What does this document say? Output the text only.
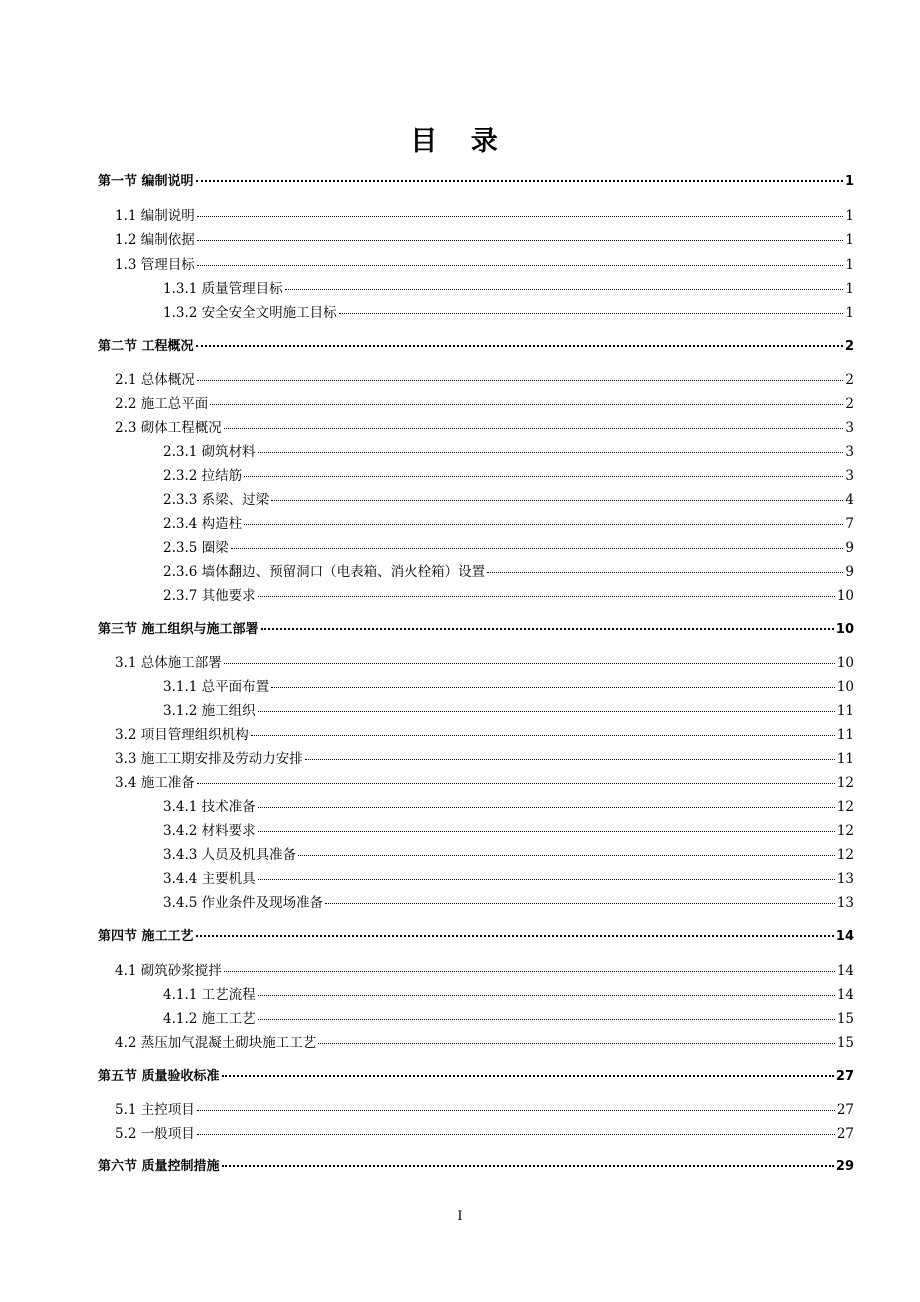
目 录
第一节 编制说明	1
1.1 编制说明	1
1.2 编制依据	1
1.3 管理目标	1
1.3.1 质量管理目标	1
1.3.2 安全安全文明施工目标	1
第二节 工程概况	2
2.1 总体概况	2
2.2 施工总平面	2
2.3 砌体工程概况	3
2.3.1 砌筑材料	3
2.3.2 拉结筋	3
2.3.3 系梁、过梁	4
2.3.4 构造柱	7
2.3.5 圈梁	9
2.3.6 墙体翻边、预留洞口（电表箱、消火栓箱）设置	9
2.3.7 其他要求	10
第三节 施工组织与施工部署	10
3.1 总体施工部署	10
3.1.1 总平面布置	10
3.1.2 施工组织	11
3.2 项目管理组织机构	11
3.3 施工工期安排及劳动力安排	11
3.4 施工准备	12
3.4.1 技术准备	12
3.4.2 材料要求	12
3.4.3 人员及机具准备	12
3.4.4 主要机具	13
3.4.5 作业条件及现场准备	13
第四节 施工工艺	14
4.1 砌筑砂浆搅拌	14
4.1.1 工艺流程	14
4.1.2 施工工艺	15
4.2 蒸压加气混凝土砌块施工工艺	15
第五节 质量验收标准	27
5.1 主控项目	27
5.2 一般项目	27
第六节 质量控制措施	29
I
